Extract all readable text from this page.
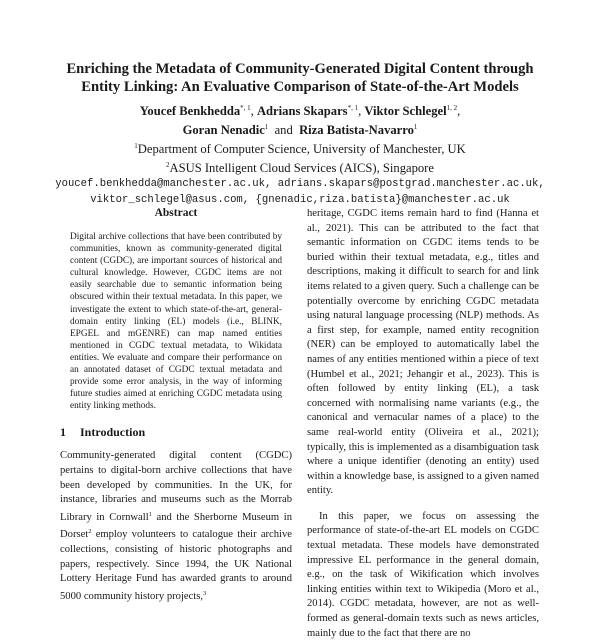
Enriching the Metadata of Community-Generated Digital Content through
Entity Linking: An Evaluative Comparison of State-of-the-Art Models
Youcef Benkhedda$^{*, 1}$, Adrians Skapars$^{*, 1}$, Viktor Schlegel$^{1, 2}$,
Goran Nenadic$^1$ and Riza Batista-Navarro$^1$
$^1$Department of Computer Science, University of Manchester, UK
$^2$ASUS Intelligent Cloud Services (AICS), Singapore
youcef.benkhedda@manchester.ac.uk, adrians.skapars@postgrad.manchester.ac.uk,
viktor_schlegel@asus.com, {gnenadic,riza.batista}@manchester.ac.uk
Abstract
Digital archive collections that have been contributed by communities, known as community-generated digital content (CGDC), are important sources of historical and cultural knowledge. However, CGDC items are not easily searchable due to semantic information being obscured within their textual metadata. In this paper, we investigate the extent to which state-of-the-art, general-domain entity linking (EL) models (i.e., BLINK, EPGEL and mGENRE) can map named entities mentioned in CGDC textual metadata, to Wikidata entities. We evaluate and compare their performance on an annotated dataset of CGDC textual metadata and provide some error analysis, in the way of informing future studies aimed at enriching CGDC metadata using entity linking methods.
1 Introduction

Community-generated digital content (CGDC) pertains to digital-born archive collections that have been developed by communities. In the UK, for instance, libraries and museums such as the Morrab Library in Cornwall$^1$ and the Sherborne Museum in Dorset$^2$ employ volunteers to catalogue their archive collections, consisting of historic photographs and papers, respectively. Since 1994, the UK National Lottery Heritage Fund has awarded grants to around 5000 community history projects,$^3$

heritage, CGDC items remain hard to find (Hanna et al., 2021). This can be attributed to the fact that semantic information on CGDC items tends to be buried within their textual metadata, e.g., titles and descriptions, making it difficult to search for and link items related to a given query. Such a challenge can be potentially overcome by enriching CGDC metadata using natural language processing (NLP) methods. As a first step, for example, named entity recognition (NER) can be employed to automatically label the names of any entities mentioned within a piece of text (Humbel et al., 2021; Jehangir et al., 2023). This is often followed by entity linking (EL), a task concerned with normalising name variants (e.g., the canonical and vernacular names of a place) to the same real-world entity (Oliveira et al., 2021); typically, this is implemented as a disambiguation task where a unique identifier (denoting an entity) used within a knowledge base, is assigned to a given named entity.

In this paper, we focus on assessing the performance of state-of-the-art EL models on CGDC textual metadata. These models have demonstrated impressive EL performance in the general domain, e.g., on the task of Wikification which involves linking entities within text to Wikipedia (Moro et al., 2014). CGDC metadata, however, are not as well-formed as general-domain texts such as news articles, mainly due to the fact that there are no
